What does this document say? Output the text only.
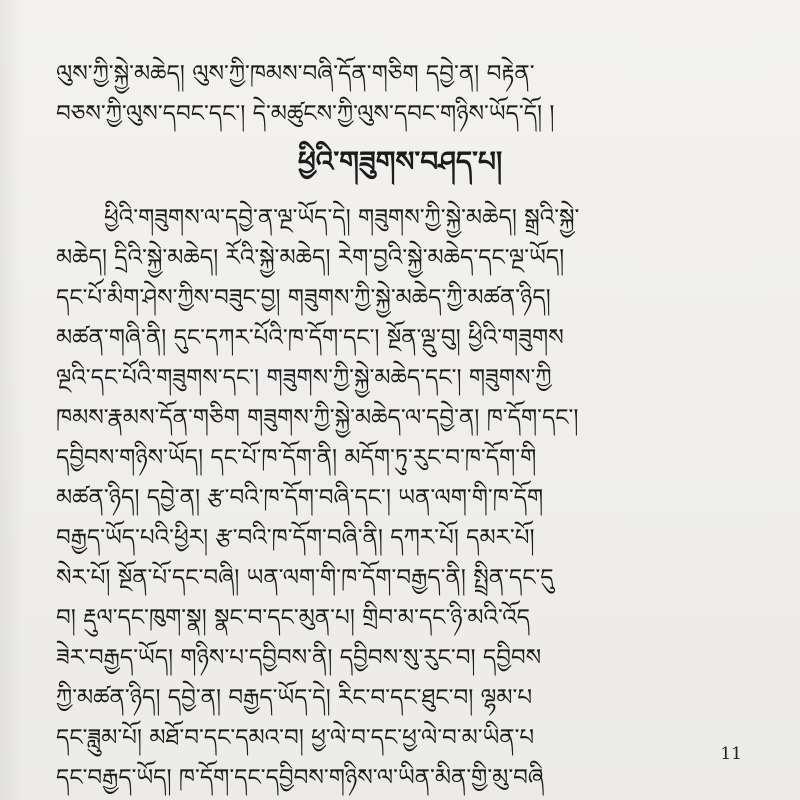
ལུས་ཀྱི་སྐྱེ་མཆེད། ལུས་ཀྱི་ཁམས་བཞི་དོན་གཅིག དབྱེ་ན། བརྟེན་
བཅས་ཀྱི་ལུས་དབང་དང་། དེ་མཚུངས་ཀྱི་ལུས་དབང་གཉིས་ཡོད་དོ། །
ཕྱིའི་གཟུགས་བཤད་པ།
ཕྱིའི་གཟུགས་ལ་དབྱེ་ན་ལྔ་ཡོད་དེ། གཟུགས་ཀྱི་སྐྱེ་མཆེད། སྒྲའི་སྐྱེ་
མཆེད། དྲིའི་སྐྱེ་མཆེད། རོའི་སྐྱེ་མཆེད། རེག་བྱའི་སྐྱེ་མཆེད་དང་ལྔ་ཡོད།
དང་པོ་མིག་ཤེས་ཀྱིས་བཟུང་བྱ། གཟུགས་ཀྱི་སྐྱེ་མཆེད་ཀྱི་མཚན་ཉིད།
མཚན་གཞི་ནི། དུང་དཀར་པོའི་ཁ་དོག་དང་། སྔོན་ལྡུ་བུ། ཕྱིའི་གཟུགས
ལྔའི་དང་པོའི་གཟུགས་དང་། གཟུགས་ཀྱི་སྐྱེ་མཆེད་དང་། གཟུགས་ཀྱི
ཁམས་རྣམས་དོན་གཅིག གཟུགས་ཀྱི་སྐྱེ་མཆེད་ལ་དབྱེ་ན། ཁ་དོག་དང་།
དབྱིབས་གཉིས་ཡོད། དང་པོ་ཁ་དོག་ནི། མདོག་ཏུ་རུང་བ་ཁ་དོག་གི
མཚན་ཉིད། དབྱེ་ན། རྩ་བའི་ཁ་དོག་བཞི་དང་། ཡན་ལག་གི་ཁ་དོག
བརྒྱད་ཡོད་པའི་ཕྱིར། རྩ་བའི་ཁ་དོག་བཞི་ནི། དཀར་པོ། དམར་པོ།
སེར་པོ། སྔོན་པོ་དང་བཞི། ཡན་ལག་གི་ཁ་དོག་བརྒྱད་ནི། སྤྲིན་དང་དུ
བ། རྡུལ་དང་ཁུག་སྣ། སྣང་བ་དང་མུན་པ། གྲིབ་མ་དང་ཉི་མའི་འོད
ཟེར་བརྒྱད་ཡོད། གཉིས་པ་དབྱིབས་ནི། དབྱིབས་སུ་རུང་བ། དབྱིབས
ཀྱི་མཚན་ཉིད། དབྱེ་ན། བརྒྱད་ཡོད་དེ། རིང་བ་དང་ཐུང་བ། ལྷམ་པ
དང་ཟླུམ་པོ། མཐོ་བ་དང་དམའ་བ། ཕྱ་ལེ་བ་དང་ཕྱ་ལེ་བ་མ་ཡིན་པ
དང་བརྒྱད་ཡོད། ཁ་དོག་དང་དབྱིབས་གཉིས་ལ་ཡིན་མིན་གྱི་མུ་བཞི
11
